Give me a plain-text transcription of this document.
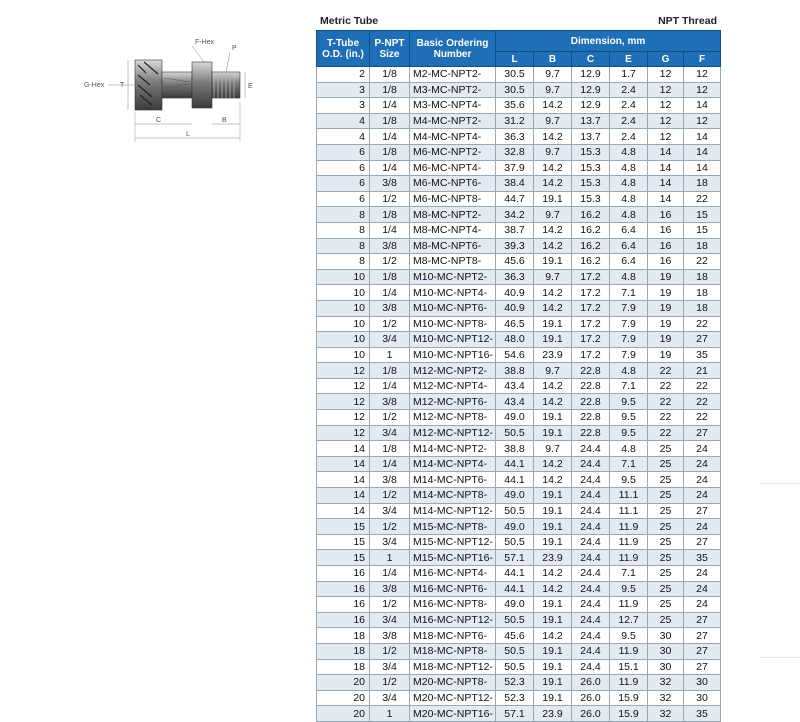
F-Hex
P
G-Hex T	E
C	B
L
Metric Tube	NPT Thread
T-Tube O.D. (in.)	P-NPT Size	Basic Ordering Number	Dimension, mm					
			L	B	C	E	G	F
2	1/8	M2-MC-NPT2-	30.5	9.7	12.9	1.7	12	12
3	1/8	M3-MC-NPT2-	30.5	9.7	12.9	2.4	12	12
3	1/4	M3-MC-NPT4-	35.6	14.2	12.9	2.4	12	14
4	1/8	M4-MC-NPT2-	31.2	9.7	13.7	2.4	12	12
4	1/4	M4-MC-NPT4-	36.3	14.2	13.7	2.4	12	14
6	1/8	M6-MC-NPT2-	32.8	9.7	15.3	4.8	14	14
6	1/4	M6-MC-NPT4-	37.9	14.2	15.3	4.8	14	14
6	3/8	M6-MC-NPT6-	38.4	14.2	15.3	4.8	14	18
6	1/2	M6-MC-NPT8-	44.7	19.1	15.3	4.8	14	22
8	1/8	M8-MC-NPT2-	34.2	9.7	16.2	4.8	16	15
8	1/4	M8-MC-NPT4-	38.7	14.2	16.2	6.4	16	15
8	3/8	M8-MC-NPT6-	39.3	14.2	16.2	6.4	16	18
8	1/2	M8-MC-NPT8-	45.6	19.1	16.2	6.4	16	22
10	1/8	M10-MC-NPT2-	36.3	9.7	17.2	4.8	19	18
10	1/4	M10-MC-NPT4-	40.9	14.2	17.2	7.1	19	18
10	3/8	M10-MC-NPT6-	40.9	14.2	17.2	7.9	19	18
10	1/2	M10-MC-NPT8-	46.5	19.1	17.2	7.9	19	22
10	3/4	M10-MC-NPT12-	48.0	19.1	17.2	7.9	19	27
10	1	M10-MC-NPT16-	54.6	23.9	17.2	7.9	19	35
12	1/8	M12-MC-NPT2-	38.8	9.7	22.8	4.8	22	21
12	1/4	M12-MC-NPT4-	43.4	14.2	22.8	7.1	22	22
12	3/8	M12-MC-NPT6-	43.4	14.2	22.8	9.5	22	22
12	1/2	M12-MC-NPT8-	49.0	19.1	22.8	9.5	22	22
12	3/4	M12-MC-NPT12-	50.5	19.1	22.8	9.5	22	27
14	1/8	M14-MC-NPT2-	38.8	9.7	24.4	4.8	25	24
14	1/4	M14-MC-NPT4-	44.1	14.2	24.4	7.1	25	24
14	3/8	M14-MC-NPT6-	44.1	14.2	24.4	9.5	25	24
14	1/2	M14-MC-NPT8-	49.0	19.1	24.4	11.1	25	24
14	3/4	M14-MC-NPT12-	50.5	19.1	24.4	11.1	25	27
15	1/2	M15-MC-NPT8-	49.0	19.1	24.4	11.9	25	24
15	3/4	M15-MC-NPT12-	50.5	19.1	24.4	11.9	25	27
15	1	M15-MC-NPT16-	57.1	23.9	24.4	11.9	25	35
16	1/4	M16-MC-NPT4-	44.1	14.2	24.4	7.1	25	24
16	3/8	M16-MC-NPT6-	44.1	14.2	24.4	9.5	25	24
16	1/2	M16-MC-NPT8-	49.0	19.1	24.4	11.9	25	24
16	3/4	M16-MC-NPT12-	50.5	19.1	24.4	12.7	25	27
18	3/8	M18-MC-NPT6-	45.6	14.2	24.4	9.5	30	27
18	1/2	M18-MC-NPT8-	50.5	19.1	24.4	11.9	30	27
18	3/4	M18-MC-NPT12-	50.5	19.1	24.4	15.1	30	27
20	1/2	M20-MC-NPT8-	52.3	19.1	26.0	11.9	32	30
20	3/4	M20-MC-NPT12-	52.3	19.1	26.0	15.9	32	30
20	1	M20-MC-NPT16-	57.1	23.9	26.0	15.9	32	35
